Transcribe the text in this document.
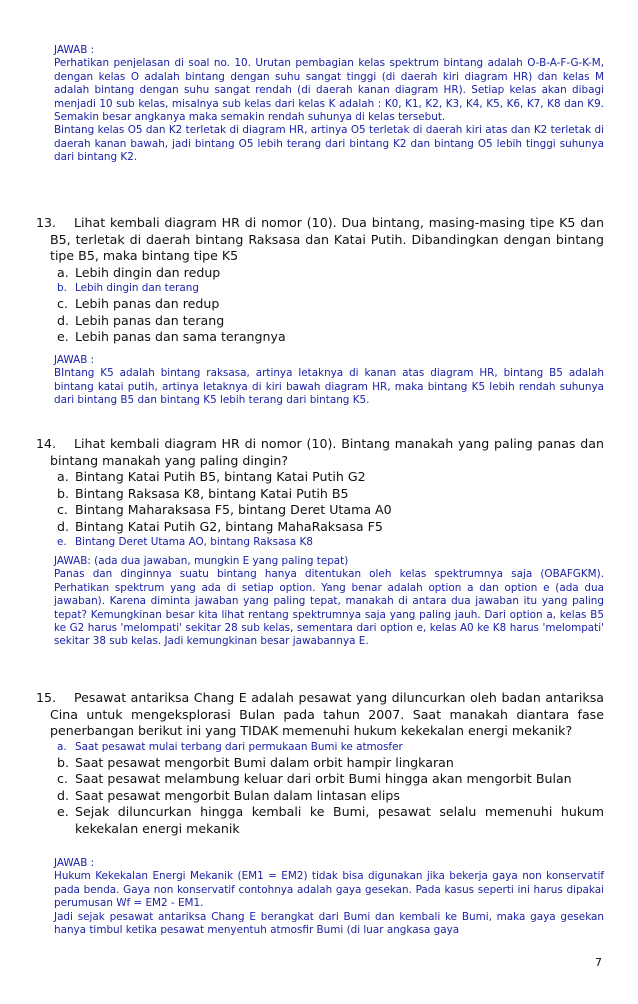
JAWAB :

Perhatikan penjelasan di soal no. 10. Urutan pembagian kelas spektrum bintang adalah O-B-A-F-G-K-M, dengan kelas O adalah bintang dengan suhu sangat tinggi (di daerah kiri diagram HR) dan kelas M adalah bintang dengan suhu sangat rendah (di daerah kanan diagram HR). Setiap kelas akan dibagi menjadi 10 sub kelas, misalnya sub kelas dari kelas K adalah : K0, K1, K2, K3, K4, K5, K6, K7, K8 dan K9. Semakin besar angkanya maka semakin rendah suhunya di kelas tersebut.

Bintang kelas O5 dan K2 terletak di diagram HR, artinya O5 terletak di daerah kiri atas dan K2 terletak di daerah kanan bawah, jadi bintang O5 lebih terang dari bintang K2 dan bintang O5 lebih tinggi suhunya dari bintang K2.

13. Lihat kembali diagram HR di nomor (10). Dua bintang, masing-masing tipe K5 dan B5, terletak di daerah bintang Raksasa dan Katai Putih. Dibandingkan dengan bintang tipe B5, maka bintang tipe K5

a. Lebih dingin dan redup
b. Lebih dingin dan terang
c. Lebih panas dan redup
d. Lebih panas dan terang
e. Lebih panas dan sama terangnya

JAWAB :

BIntang K5 adalah bintang raksasa, artinya letaknya di kanan atas diagram HR, bintang B5 adalah bintang katai putih, artinya letaknya di kiri bawah diagram HR, maka bintang K5 lebih rendah suhunya dari bintang B5 dan bintang K5 lebih terang dari bintang K5.

14. Lihat kembali diagram HR di nomor (10). Bintang manakah yang paling panas dan bintang manakah yang paling dingin?

a. Bintang Katai Putih B5, bintang Katai Putih G2
b. Bintang Raksasa K8, bintang Katai Putih B5
c. Bintang Maharaksasa F5, bintang Deret Utama A0
d. Bintang Katai Putih G2, bintang MahaRaksasa F5
e. Bintang Deret Utama AO, bintang Raksasa K8

JAWAB: (ada dua jawaban, mungkin E yang paling tepat)

Panas dan dinginnya suatu bintang hanya ditentukan oleh kelas spektrumnya saja (OBAFGKM). Perhatikan spektrum yang ada di setiap option. Yang benar adalah option a dan option e (ada dua jawaban). Karena diminta jawaban yang paling tepat, manakah di antara dua jawaban itu yang paling tepat? Kemungkinan besar kita lihat rentang spektrumnya saja yang paling jauh. Dari option a, kelas B5 ke G2 harus 'melompati' sekitar 28 sub kelas, sementara dari option e, kelas A0 ke K8 harus 'melompati' sekitar 38 sub kelas. Jadi kemungkinan besar jawabannya E.

15. Pesawat antariksa Chang E adalah pesawat yang diluncurkan oleh badan antariksa Cina untuk mengeksplorasi Bulan pada tahun 2007. Saat manakah diantara fase penerbangan berikut ini yang TIDAK memenuhi hukum kekekalan energi mekanik?

a. Saat pesawat mulai terbang dari permukaan Bumi ke atmosfer
b. Saat pesawat mengorbit Bumi dalam orbit hampir lingkaran
c. Saat pesawat melambung keluar dari orbit Bumi hingga akan mengorbit Bulan
d. Saat pesawat mengorbit Bulan dalam lintasan elips
e. Sejak diluncurkan hingga kembali ke Bumi, pesawat selalu memenuhi hukum kekekalan energi mekanik

JAWAB :

Hukum Kekekalan Energi Mekanik (EM1 = EM2) tidak bisa digunakan jika bekerja gaya non konservatif pada benda. Gaya non konservatif contohnya adalah gaya gesekan. Pada kasus seperti ini harus dipakai perumusan Wf = EM2 - EM1.

Jadi sejak pesawat antariksa Chang E berangkat dari Bumi dan kembali ke Bumi, maka gaya gesekan hanya timbul ketika pesawat menyentuh atmosfir Bumi (di luar angkasa gaya

7
